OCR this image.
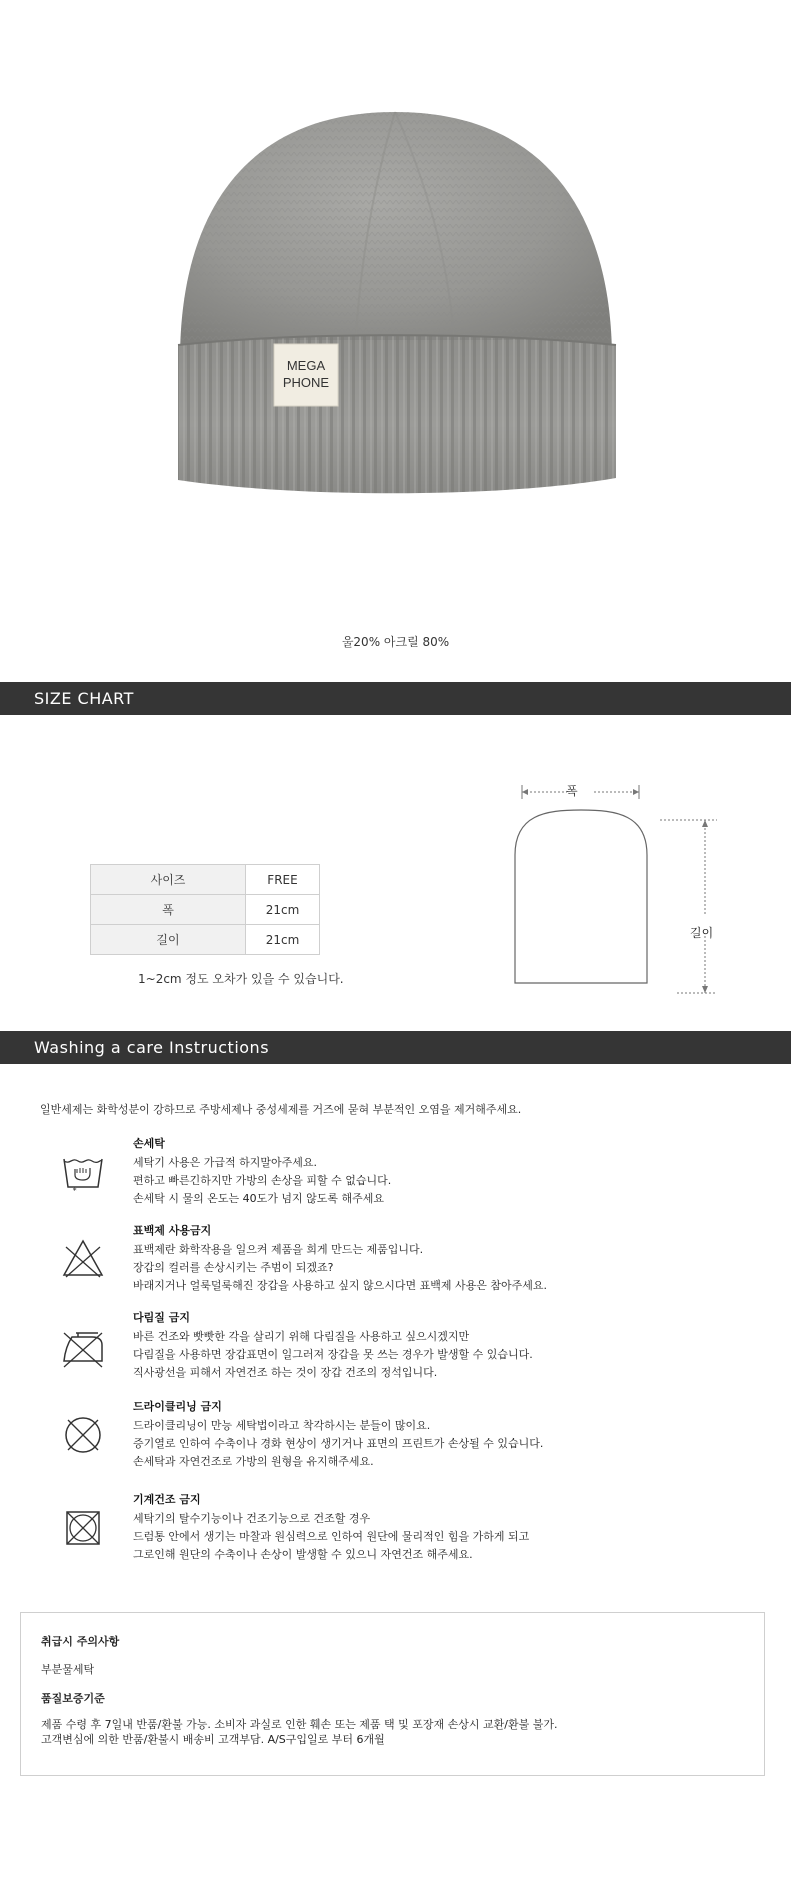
MEGA
PHONE
울20% 아크릴 80%
SIZE CHART
사이즈	FREE
폭	21cm
길이	21cm
1~2cm 정도 오차가 있을 수 있습니다.
폭
길이
Washing a care Instructions
일반세제는 화학성분이 강하므로 주방세제나 중성세제를 거즈에 묻혀 부분적인 오염을 제거해주세요.
∗
손세탁
세탁기 사용은 가급적 하지말아주세요.
편하고 빠른긴하지만 가방의 손상을 피할 수 없습니다.
손세탁 시 물의 온도는 40도가 넘지 않도록 해주세요
표백제 사용금지
표백제란 화학작용을 일으켜 제품을 희게 만드는 제품입니다.
장갑의 컬러를 손상시키는 주범이 되겠죠?
바래지거나 얼룩덜룩해진 장갑을 사용하고 싶지 않으시다면 표백제 사용은 참아주세요.
다림질 금지
바른 건조와 빳빳한 각을 살리기 위해 다림질을 사용하고 싶으시겠지만
다림질을 사용하면 장갑표면이 일그러져 장갑을 못 쓰는 경우가 발생할 수 있습니다.
직사광선을 피해서 자연건조 하는 것이 장갑 건조의 정석입니다.
드라이클리닝 금지
드라이클리닝이 만능 세탁법이라고 착각하시는 분들이 많이요.
증기열로 인하여 수축이나 경화 현상이 생기거나 표면의 프린트가 손상될 수 있습니다.
손세탁과 자연건조로 가방의 원형을 유지해주세요.
기계건조 금지
세탁기의 탈수기능이나 건조기능으로 건조할 경우
드럼통 안에서 생기는 마찰과 원심력으로 인하여 원단에 물리적인 힘을 가하게 되고
그로인해 원단의 수축이나 손상이 발생할 수 있으니 자연건조 해주세요.
취급시 주의사항
부분물세탁
품질보증기준
제품 수령 후 7일내 반품/환불 가능. 소비자 과실로 인한 훼손 또는 제품 택 및 포장재 손상시 교환/환불 불가.
고객변심에 의한 반품/환불시 배송비 고객부담. A/S구입일로 부터 6개월
